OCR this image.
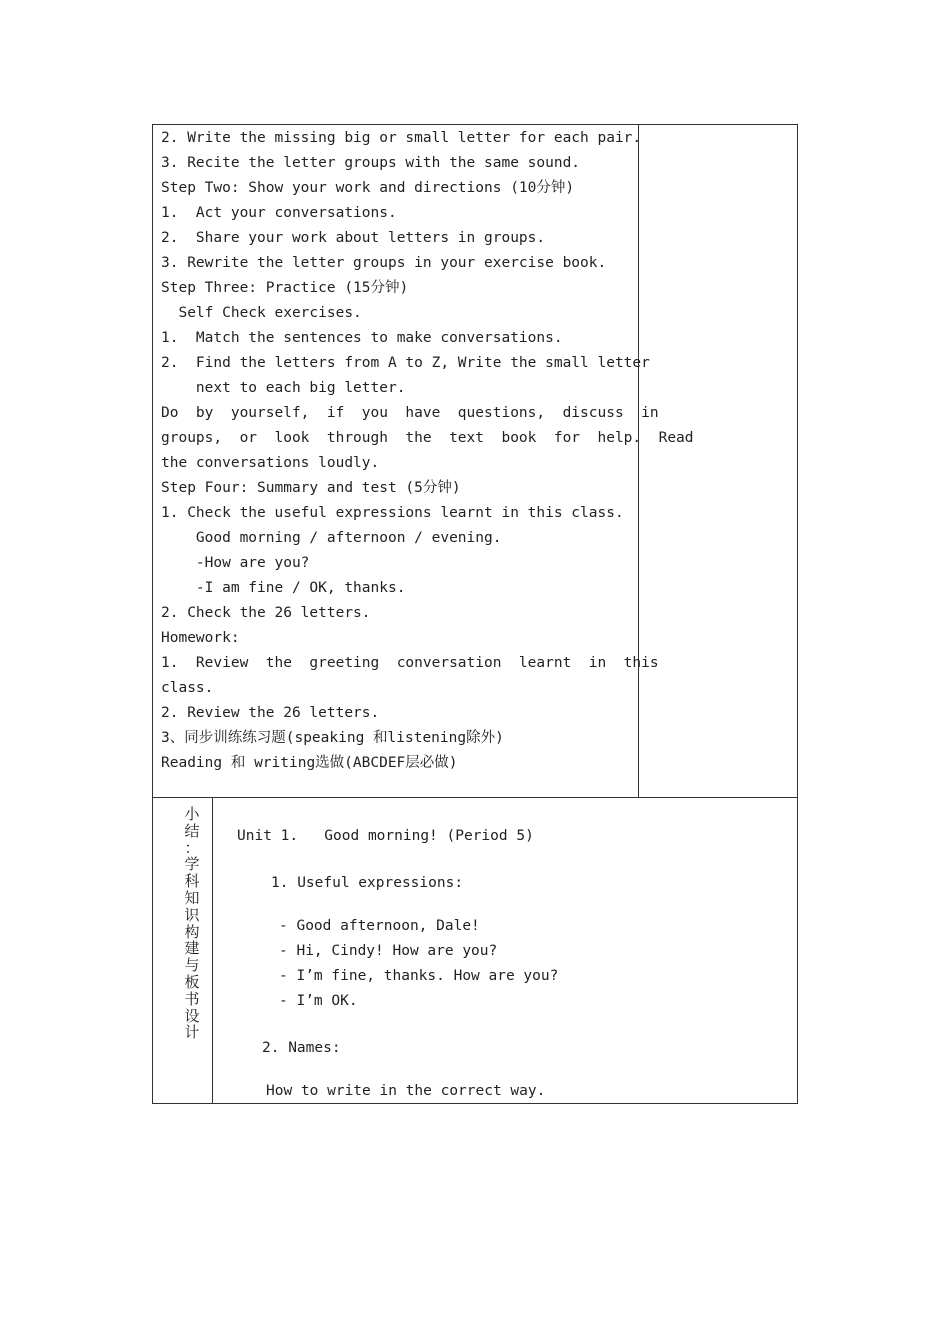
2. Write the missing big or small letter for each pair.
3. Recite the letter groups with the same sound.
Step Two: Show your work and directions (10分钟)
1.  Act your conversations.
2.  Share your work about letters in groups.
3. Rewrite the letter groups in your exercise book.
Step Three: Practice (15分钟)
Self Check exercises.
1.  Match the sentences to make conversations.
2.  Find the letters from A to Z, Write the small letter
next to each big letter.
Do  by  yourself,  if  you  have  questions,  discuss  in
groups,  or  look  through  the  text  book  for  help.  Read
the conversations loudly.
Step Four: Summary and test (5分钟)
1. Check the useful expressions learnt in this class.
Good morning / afternoon / evening.
-How are you?
-I am fine / OK, thanks.
2. Check the 26 letters.
Homework:
1.  Review  the  greeting  conversation  learnt  in  this
class.
2. Review the 26 letters.
3、同步训练练习题(speaking 和listening除外)
Reading 和 writing选做(ABCDEF层必做)
小
结
：
学
科
知
识
构
建
与
板
书
设
计
Unit 1.   Good morning! (Period 5)
1. Useful expressions:
- Good afternoon, Dale!
- Hi, Cindy! How are you?
- I’m fine, thanks. How are you?
- I’m OK.
2. Names:
How to write in the correct way.
